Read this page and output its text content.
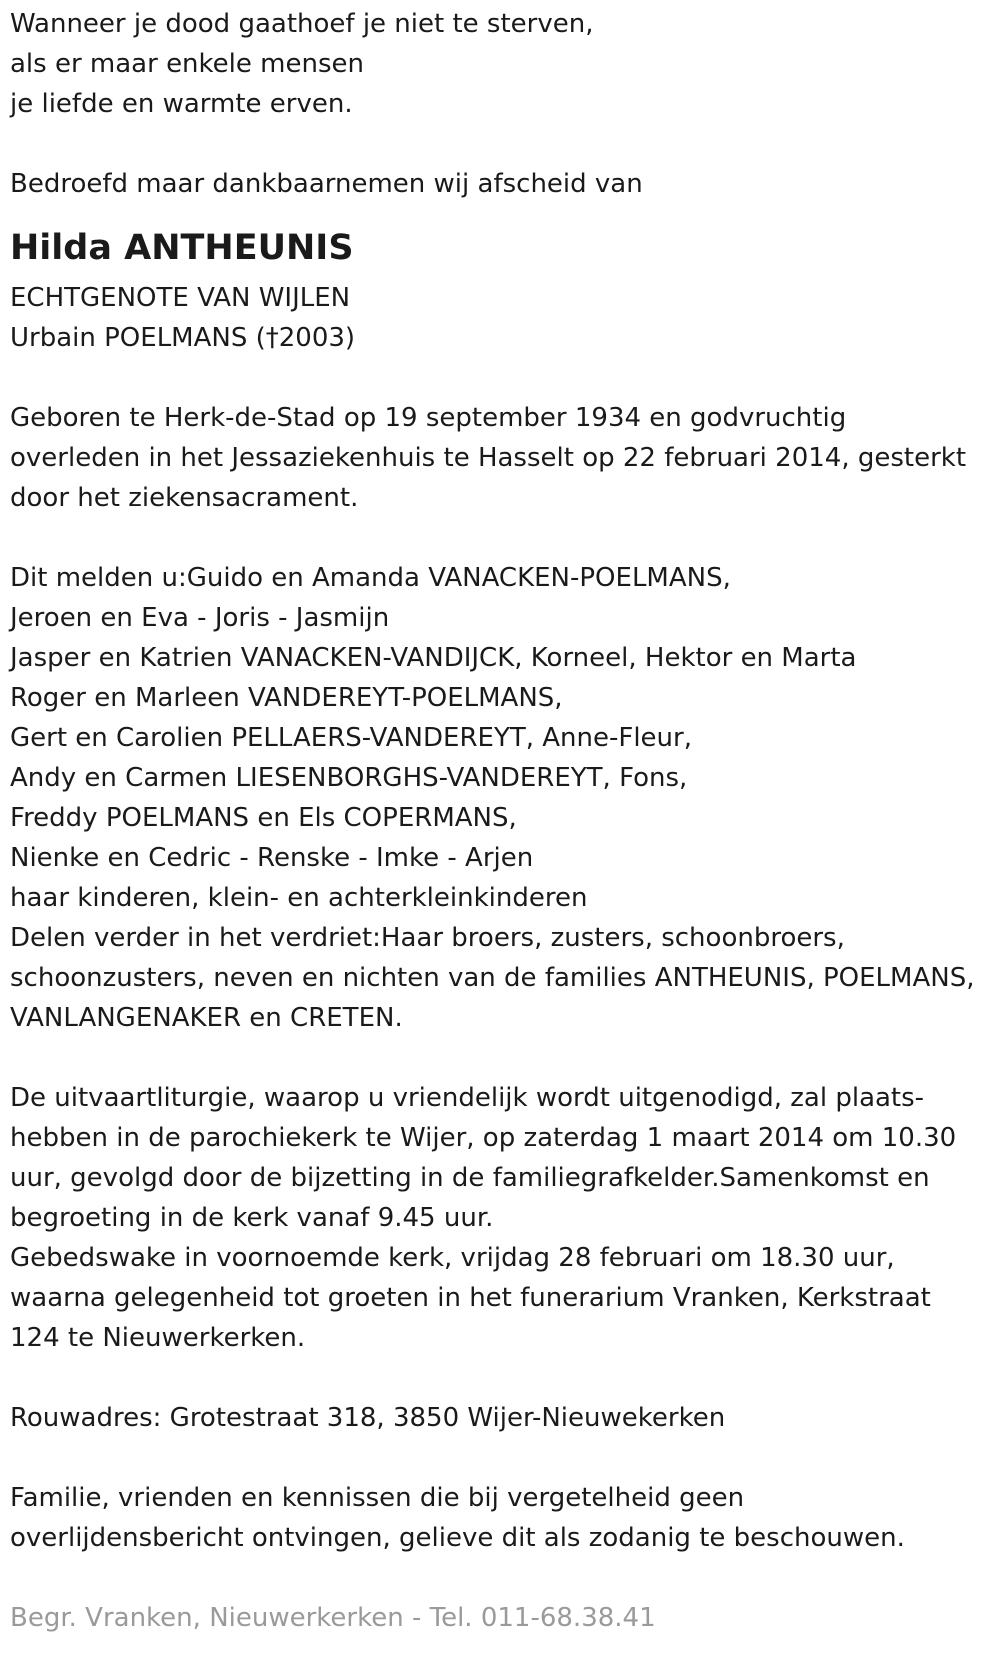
Wanneer je dood gaathoef je niet te sterven,
als er maar enkele mensen
je liefde en warmte erven.
Bedroefd maar dankbaarnemen wij afscheid van
Hilda ANTHEUNIS
ECHTGENOTE VAN WIJLEN
Urbain POELMANS (†2003)
Geboren te Herk-de-Stad op 19 september 1934 en godvruchtig
overleden in het Jessaziekenhuis te Hasselt op 22 februari 2014, gesterkt
door het ziekensacrament.
Dit melden u:Guido en Amanda VANACKEN-POELMANS,
Jeroen en Eva - Joris - Jasmijn
Jasper en Katrien VANACKEN-VANDIJCK, Korneel, Hektor en Marta
Roger en Marleen VANDEREYT-POELMANS,
Gert en Carolien PELLAERS-VANDEREYT, Anne-Fleur,
Andy en Carmen LIESENBORGHS-VANDEREYT, Fons,
Freddy POELMANS en Els COPERMANS,
Nienke en Cedric - Renske - Imke - Arjen
haar kinderen, klein- en achterkleinkinderen
Delen verder in het verdriet:Haar broers, zusters, schoonbroers,
schoonzusters, neven en nichten van de families ANTHEUNIS, POELMANS,
VANLANGENAKER en CRETEN.
De uitvaartliturgie, waarop u vriendelijk wordt uitgenodigd, zal plaats-
hebben in de parochiekerk te Wijer, op zaterdag 1 maart 2014 om 10.30
uur, gevolgd door de bijzetting in de familiegrafkelder.Samenkomst en
begroeting in de kerk vanaf 9.45 uur.
Gebedswake in voornoemde kerk, vrijdag 28 februari om 18.30 uur,
waarna gelegenheid tot groeten in het funerarium Vranken, Kerkstraat
124 te Nieuwerkerken.
Rouwadres: Grotestraat 318, 3850 Wijer-Nieuwekerken
Familie, vrienden en kennissen die bij vergetelheid geen
overlijdensbericht ontvingen, gelieve dit als zodanig te beschouwen.
Begr. Vranken, Nieuwerkerken - Tel. 011-68.38.41
